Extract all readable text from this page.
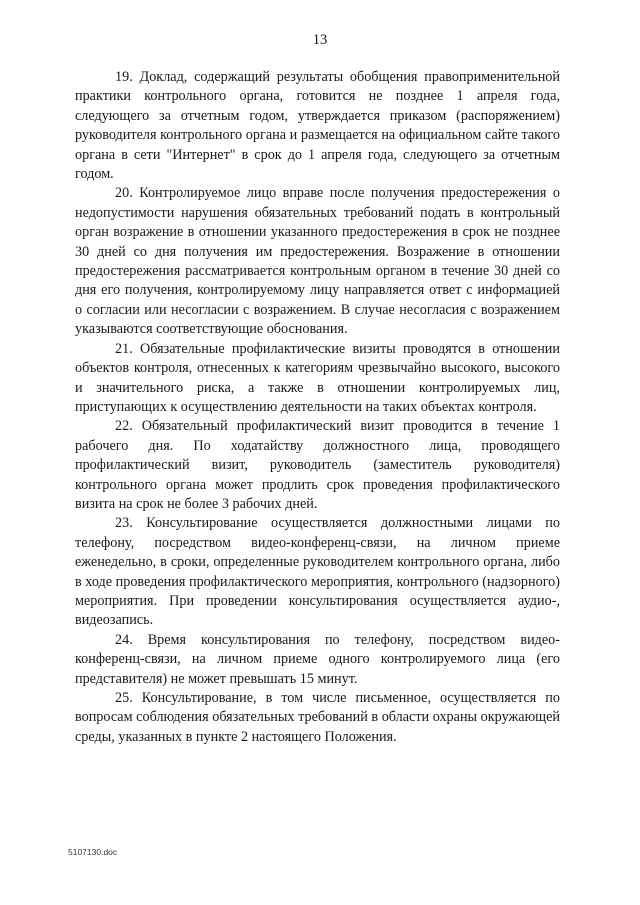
13

19. Доклад, содержащий результаты обобщения правоприменительной практики контрольного органа, готовится не позднее 1 апреля года, следующего за отчетным годом, утверждается приказом (распоряжением) руководителя контрольного органа и размещается на официальном сайте такого органа в сети "Интернет" в срок до 1 апреля года, следующего за отчетным годом.

20. Контролируемое лицо вправе после получения предостережения о недопустимости нарушения обязательных требований подать в контрольный орган возражение в отношении указанного предостережения в срок не позднее 30 дней со дня получения им предостережения. Возражение в отношении предостережения рассматривается контрольным органом в течение 30 дней со дня его получения, контролируемому лицу направляется ответ с информацией о согласии или несогласии с возражением. В случае несогласия с возражением указываются соответствующие обоснования.

21. Обязательные профилактические визиты проводятся в отношении объектов контроля, отнесенных к категориям чрезвычайно высокого, высокого и значительного риска, а также в отношении контролируемых лиц, приступающих к осуществлению деятельности на таких объектах контроля.

22. Обязательный профилактический визит проводится в течение 1 рабочего дня. По ходатайству должностного лица, проводящего профилактический визит, руководитель (заместитель руководителя) контрольного органа может продлить срок проведения профилактического визита на срок не более 3 рабочих дней.

23. Консультирование осуществляется должностными лицами по телефону, посредством видео-конференц-связи, на личном приеме еженедельно, в сроки, определенные руководителем контрольного органа, либо в ходе проведения профилактического мероприятия, контрольного (надзорного) мероприятия. При проведении консультирования осуществляется аудио-, видеозапись.

24. Время консультирования по телефону, посредством видео-конференц-связи, на личном приеме одного контролируемого лица (его представителя) не может превышать 15 минут.

25. Консультирование, в том числе письменное, осуществляется по вопросам соблюдения обязательных требований в области охраны окружающей среды, указанных в пункте 2 настоящего Положения.

5107130.doc
